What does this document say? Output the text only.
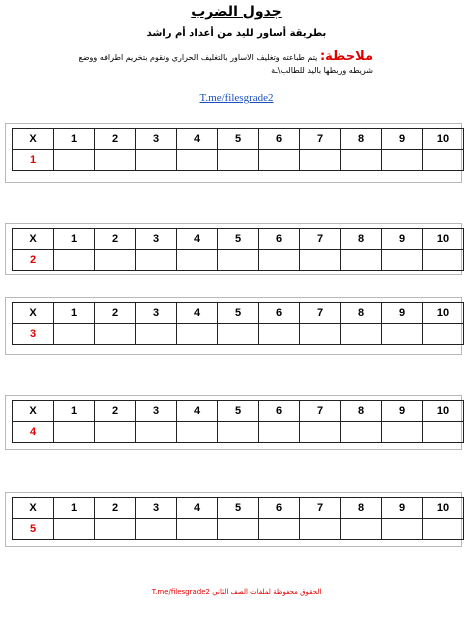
جدول الضرب
بطريقة أساور لليد من أعداد أم راشد
ملاحظة: يتم طباعته وتغليف الاساور بالتغليف الحراري ونقوم بتخريم اطرافه ووضع شريطه وربطها باليد للطالب\ـة
T.me/filesgrade2
X	1	2	3	4	5	6	7	8	9	10
1										
X	1	2	3	4	5	6	7	8	9	10
2										
X	1	2	3	4	5	6	7	8	9	10
3										
X	1	2	3	4	5	6	7	8	9	10
4										
X	1	2	3	4	5	6	7	8	9	10
5										
الحقوق محفوظة لملفات الصف الثاني T.me/filesgrade2
